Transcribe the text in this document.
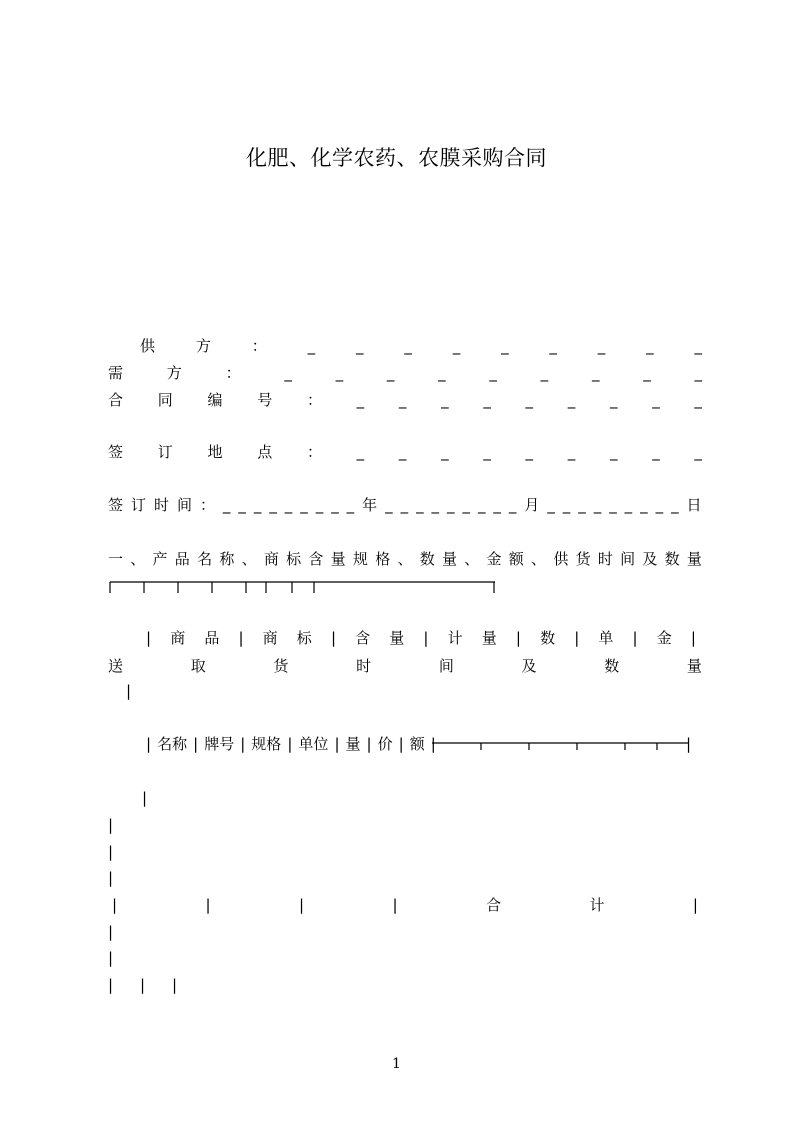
化肥、化学农药、农膜采购合同
供	方	：	_	_	_	_	_	_	_	_	_
需	方	：	_	_	_	_	_	_	_	_	_
合 同 编 号 ： _ _ _ _ _ _ _ _ _
签 订 地 点 ： _ _ _ _ _ _ _ _ _
签 订 时 间 ： _ _ _ _ _ _ _ _ _ 年 _ _ _ _ _ _ _ _ _ 月 _ _ _ _ _ _ _ _ _ 日
一 、 产 品 名 称 、 商 标 含 量 规 格 、 数 量 、 金 额 、 供 货 时 间 及 数 量
| 商 品 | 商 标 | 含 量 | 计 量 | 数 | 单 | 金 |
送	取	货	时	间	及	数	量
|
| 名称 | 牌号 | 规格 | 单位 | 量 | 价 | 额 |	|
|
|
|
|
|	|	|	|	合	计	|
|
|
| | |
1
